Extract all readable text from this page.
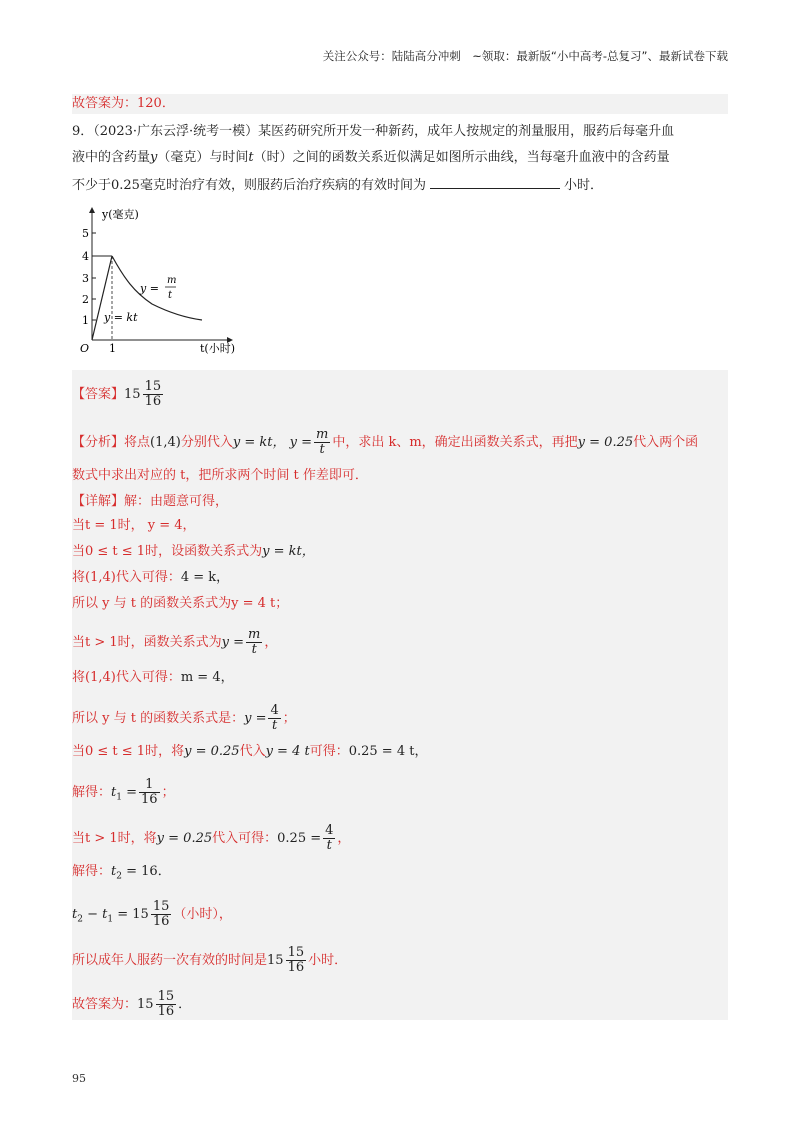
关注公众号：陆陆高分冲刺　~领取：最新版“小中高考-总复习”、最新试卷下载
故答案为：120．
9．（2023·广东云浮·统考一模）某医药研究所开发一种新药，成年人按规定的剂量服用，服药后每毫升血
液中的含药量y（毫克）与时间t（时）之间的函数关系近似满足如图所示曲线，当每毫升血液中的含药量
不少于0.25毫克时治疗有效，则服药后治疗疾病的有效时间为	小时．
1
2
3
4
5
O 1
y(毫克)
t(小时)
y =
m
t
y = kt
【答案】$15 \frac{15}{16}$
【分析】将点(1,4)分别代入y = kt， $y = \frac{m}{t}$ 中，求出 k、m，确定出函数关系式，再把y = 0.25代入两个函
数式中求出对应的 t，把所求两个时间 t 作差即可．
【详解】解：由题意可得，
当t = 1时， y = 4，
当0 ≤ t ≤ 1时，设函数关系式为y = kt，
将(1,4)代入可得：4 = k，
所以 y 与 t 的函数关系式为y = 4 t；
当t > 1时，函数关系式为$y = \frac{m}{t}$ ，
将(1,4)代入可得：m = 4，
所以 y 与 t 的函数关系式是：$y = \frac{4}{t}$ ；
当0 ≤ t ≤ 1时，将y = 0.25代入y = 4 t可得：0.25 = 4 t，
解得：$t_1 = \frac{1}{16}$ ；
当t > 1时，将y = 0.25代入可得：$0.25 = \frac{4}{t}$ ，
解得：$t_2 = 16$．
$t_2 - t_1 = 15 \frac{15}{16}$ （小时），
所以成年人服药一次有效的时间是$15 \frac{15}{16}$ 小时．
故答案为：$15 \frac{15}{16}$ ．
95
